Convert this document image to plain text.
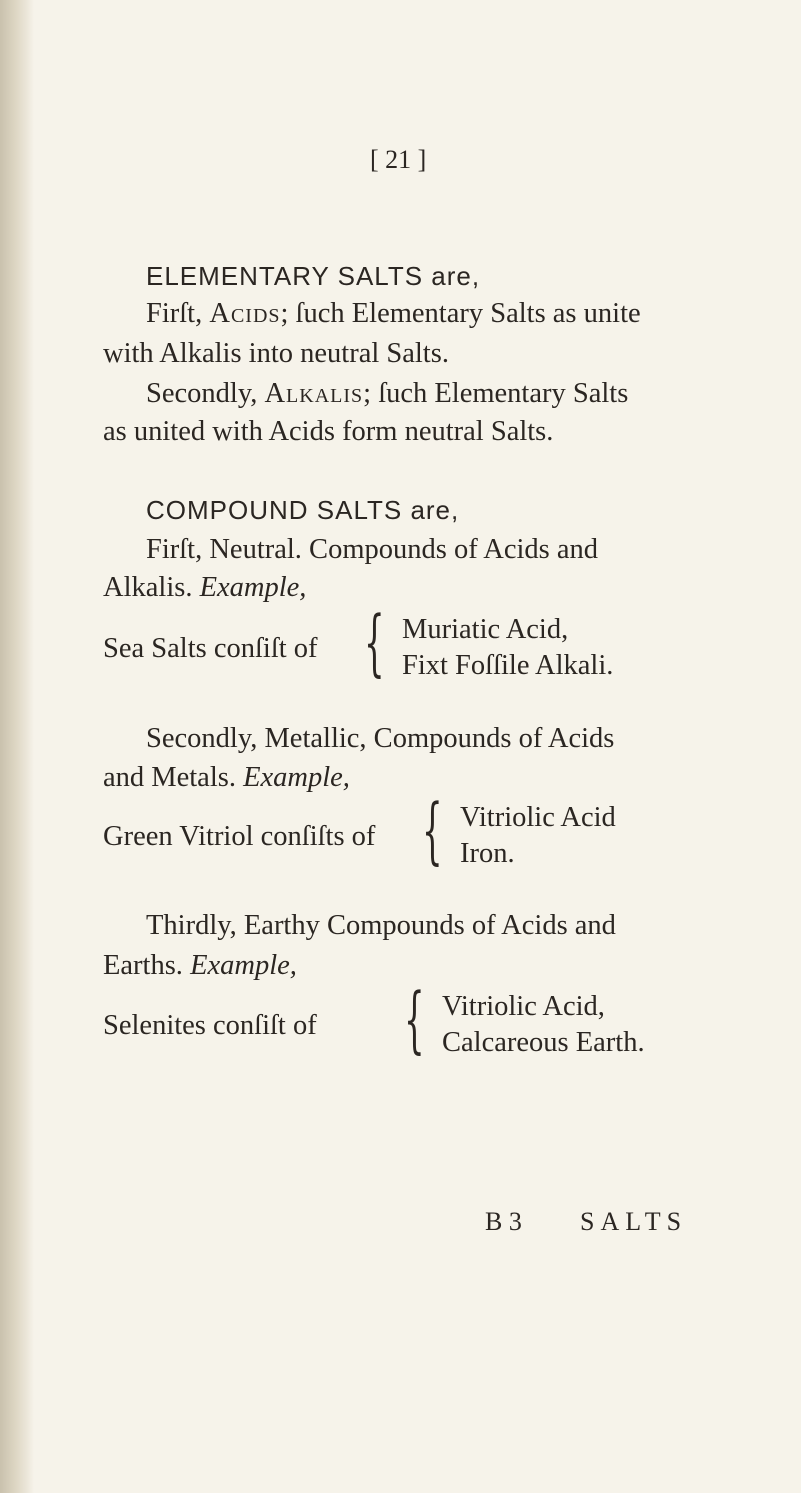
[ 21 ]
ELEMENTARY SALTS are,
Firſt, Acids; ſuch Elementary Salts as unite
with Alkalis into neutral Salts.
Secondly, Alkalis; ſuch Elementary Salts
as united with Acids form neutral Salts.
COMPOUND SALTS are,
Firſt, Neutral. Compounds of Acids and
Alkalis. Example,
Sea Salts conſiſt of { Muriatic Acid,
Fixt Foſſile Alkali.
Secondly, Metallic, Compounds of Acids
and Metals. Example,
Green Vitriol conſiſts of { Vitriolic Acid
Iron.
Thirdly, Earthy Compounds of Acids and
Earths. Example,
Selenites conſiſt of { Vitriolic Acid,
Calcareous Earth.
B 3 SALTS
